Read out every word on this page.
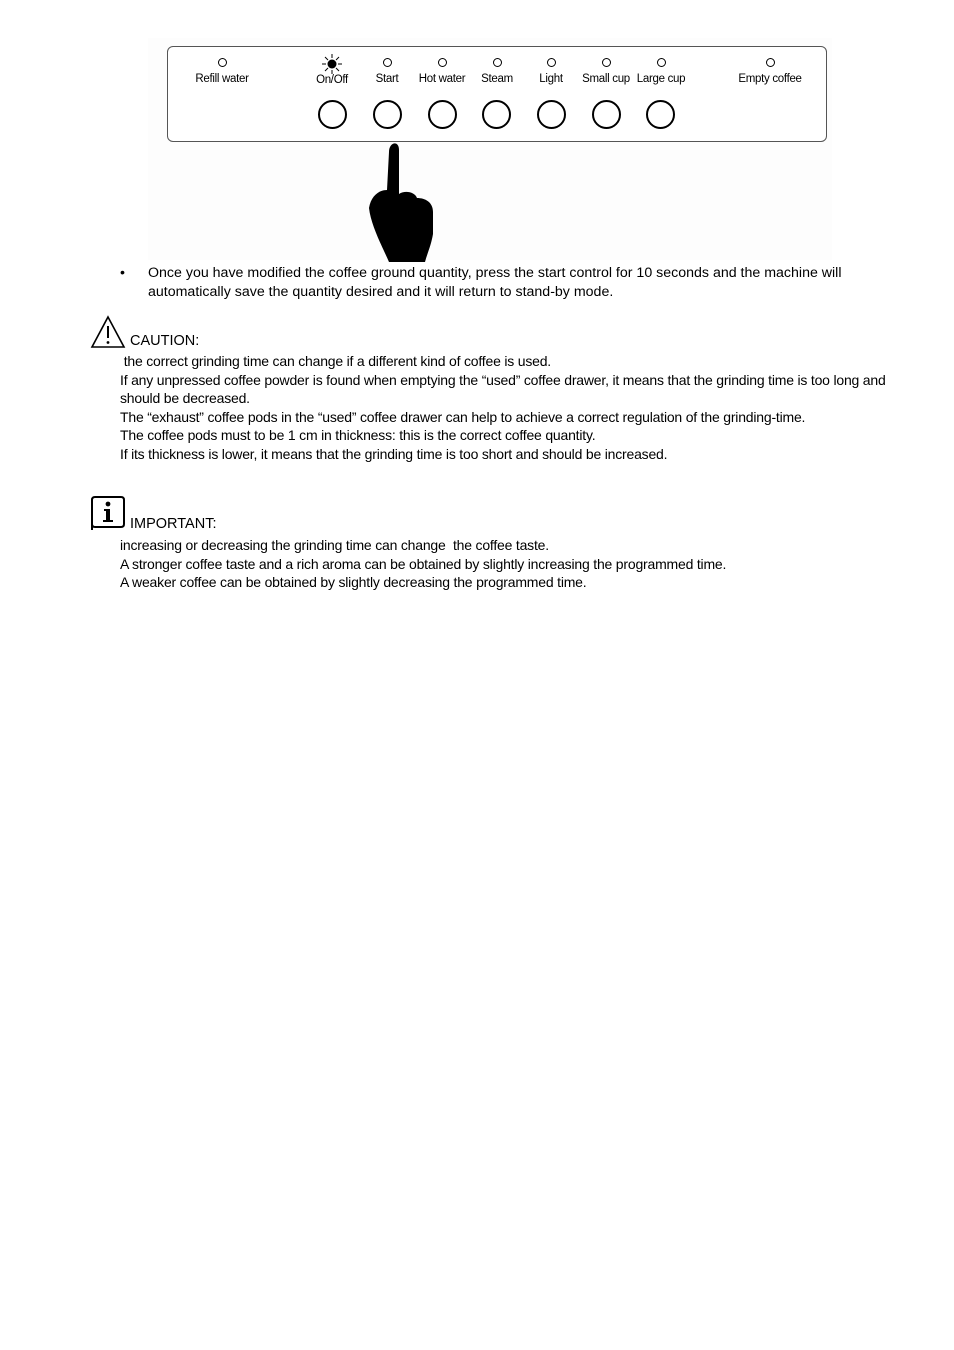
Refill water	On/Off	Start	Hot water	Steam	Light	Small cup Large cup	Empty coffee
• Once you have modified the coffee ground quantity, press the start control for 10 seconds and the machine will automatically save the quantity desired and it will return to stand-by mode.
CAUTION:
the correct grinding time can change if a different kind of coffee is used.
If any unpressed coffee powder is found when emptying the “used” coffee drawer, it means that the grinding time is too long and should be decreased.
The “exhaust” coffee pods in the “used” coffee drawer can help to achieve a correct regulation of the grinding-time.
The coffee pods must to be 1 cm in thickness: this is the correct coffee quantity.
If its thickness is lower, it means that the grinding time is too short and should be increased.
IMPORTANT:
increasing or decreasing the grinding time can change  the coffee taste.
A stronger coffee taste and a rich aroma can be obtained by slightly increasing the programmed time.
A weaker coffee can be obtained by slightly decreasing the programmed time.
